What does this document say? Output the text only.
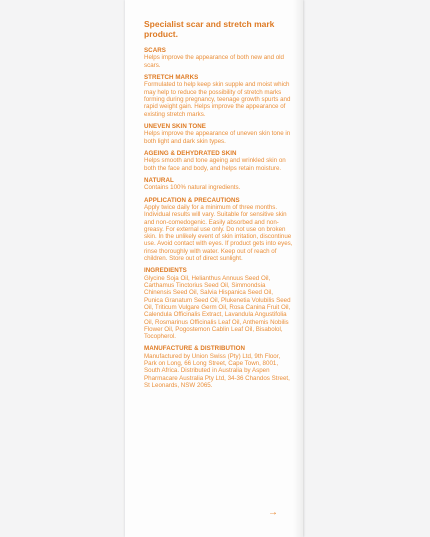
Specialist scar and stretch mark product.
SCARS
Helps improve the appearance of both new and old scars.
STRETCH MARKS
Formulated to help keep skin supple and moist which may help to reduce the possibility of stretch marks forming during pregnancy, teenage growth spurts and rapid weight gain. Helps improve the appearance of existing stretch marks.
UNEVEN SKIN TONE
Helps improve the appearance of uneven skin tone in both light and dark skin types.
AGEING & DEHYDRATED SKIN
Helps smooth and tone ageing and wrinkled skin on both the face and body, and helps retain moisture.
NATURAL
Contains 100% natural ingredients.
APPLICATION & PRECAUTIONS
Apply twice daily for a minimum of three months. Individual results will vary. Suitable for sensitive skin and non-comedogenic. Easily absorbed and non-greasy. For external use only. Do not use on broken skin. In the unlikely event of skin irritation, discontinue use. Avoid contact with eyes. If product gets into eyes, rinse thoroughly with water. Keep out of reach of children. Store out of direct sunlight.
INGREDIENTS
Glycine Soja Oil, Helianthus Annuus Seed Oil, Carthamus Tinctorius Seed Oil, Simmondsia Chinensis Seed Oil, Salvia Hispanica Seed Oil, Punica Granatum Seed Oil, Plukenetia Volubilis Seed Oil, Triticum Vulgare Germ Oil, Rosa Canina Fruit Oil, Calendula Officinalis Extract, Lavandula Angustifolia Oil, Rosmarinus Officinalis Leaf Oil, Anthemis Nobilis Flower Oil, Pogostemon Cablin Leaf Oil, Bisabolol, Tocopherol.
MANUFACTURE & DISTRIBUTION
Manufactured by Union Swiss (Pty) Ltd, 9th Floor, Park on Long, 66 Long Street, Cape Town, 8001, South Africa. Distributed in Australia by Aspen Pharmacare Australia Pty Ltd, 34-36 Chandos Street, St Leonards, NSW 2065.
→
